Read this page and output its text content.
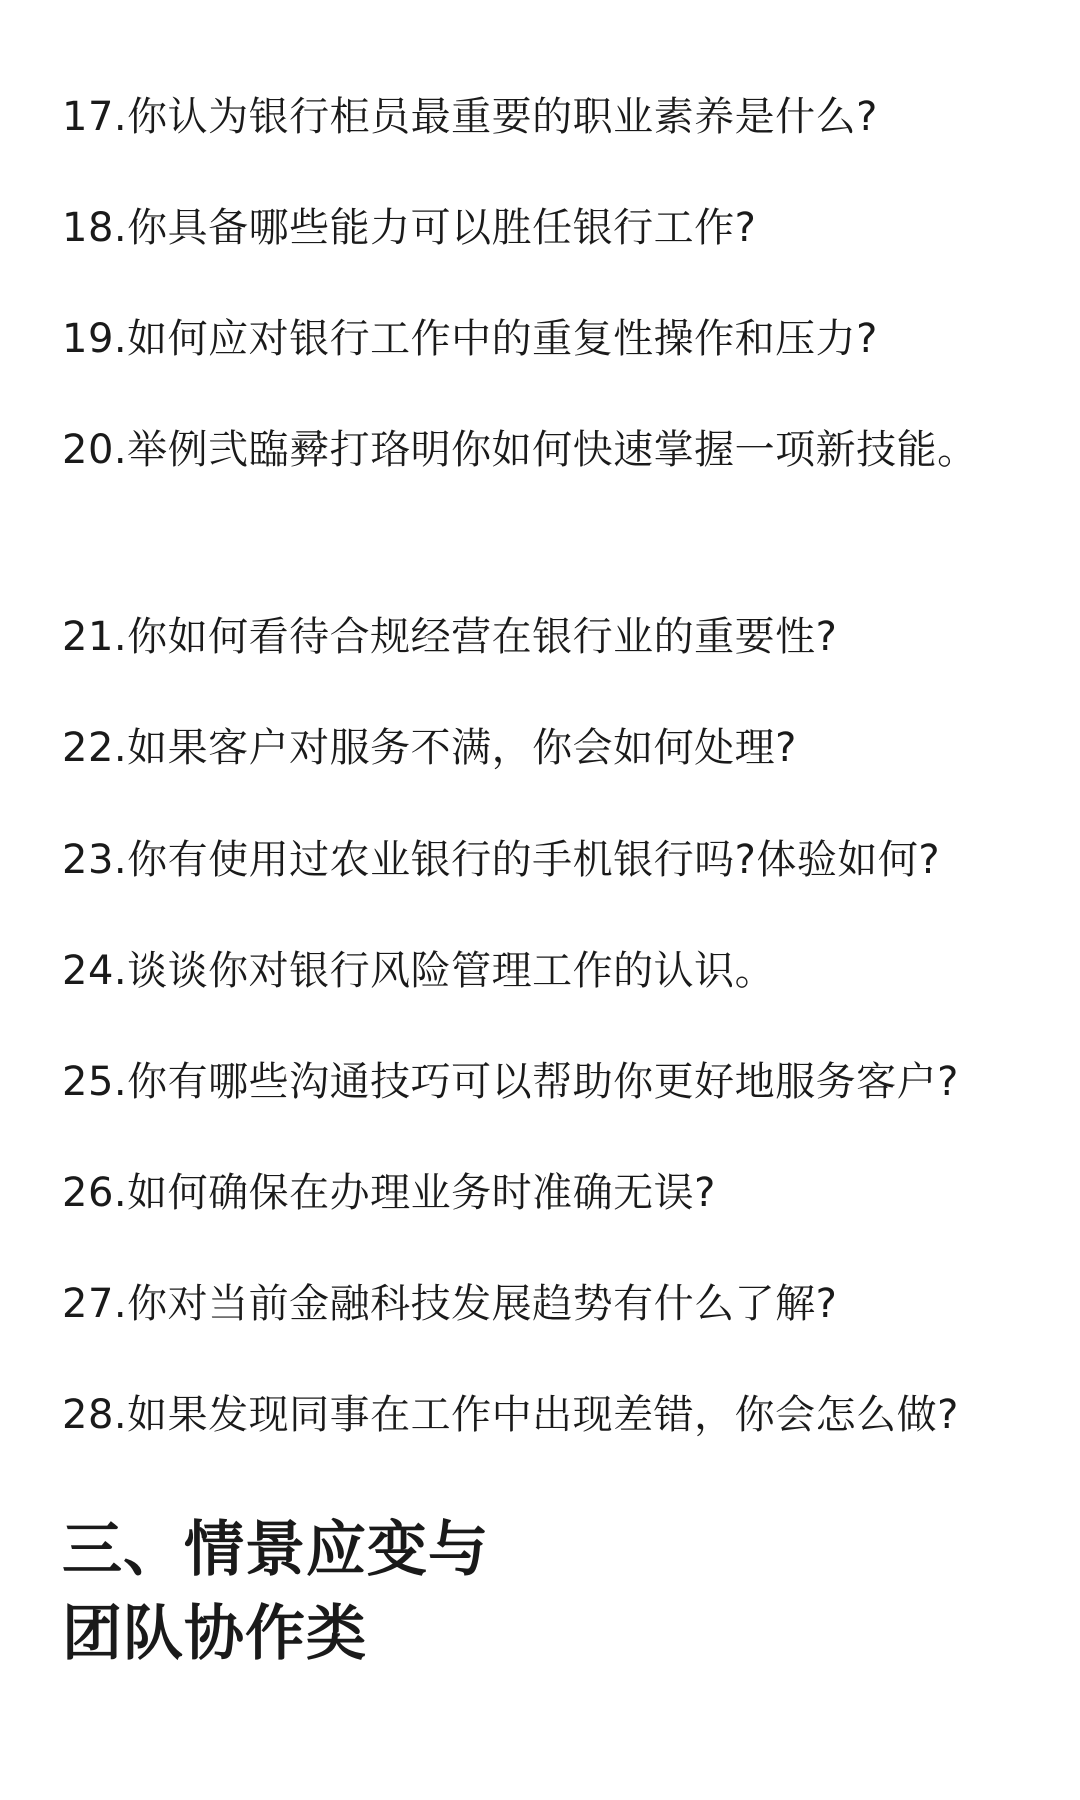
17.你认为银行柜员最重要的职业素养是什么?

18.你具备哪些能力可以胜任银行工作?

19.如何应对银行工作中的重复性操作和压力?

20.举例弐臨彛打珞明你如何快速掌握一项新技能。

21.你如何看待合规经营在银行业的重要性?

22.如果客户对服务不满，你会如何处理?

23.你有使用过农业银行的手机银行吗?体验如何?

24.谈谈你对银行风险管理工作的认识。

25.你有哪些沟通技巧可以帮助你更好地服务客户?

26.如何确保在办理业务时准确无误?

27.你对当前金融科技发展趋势有什么了解?

28.如果发现同事在工作中出现差错，你会怎么做?

三、情景应变与
团队协作类
